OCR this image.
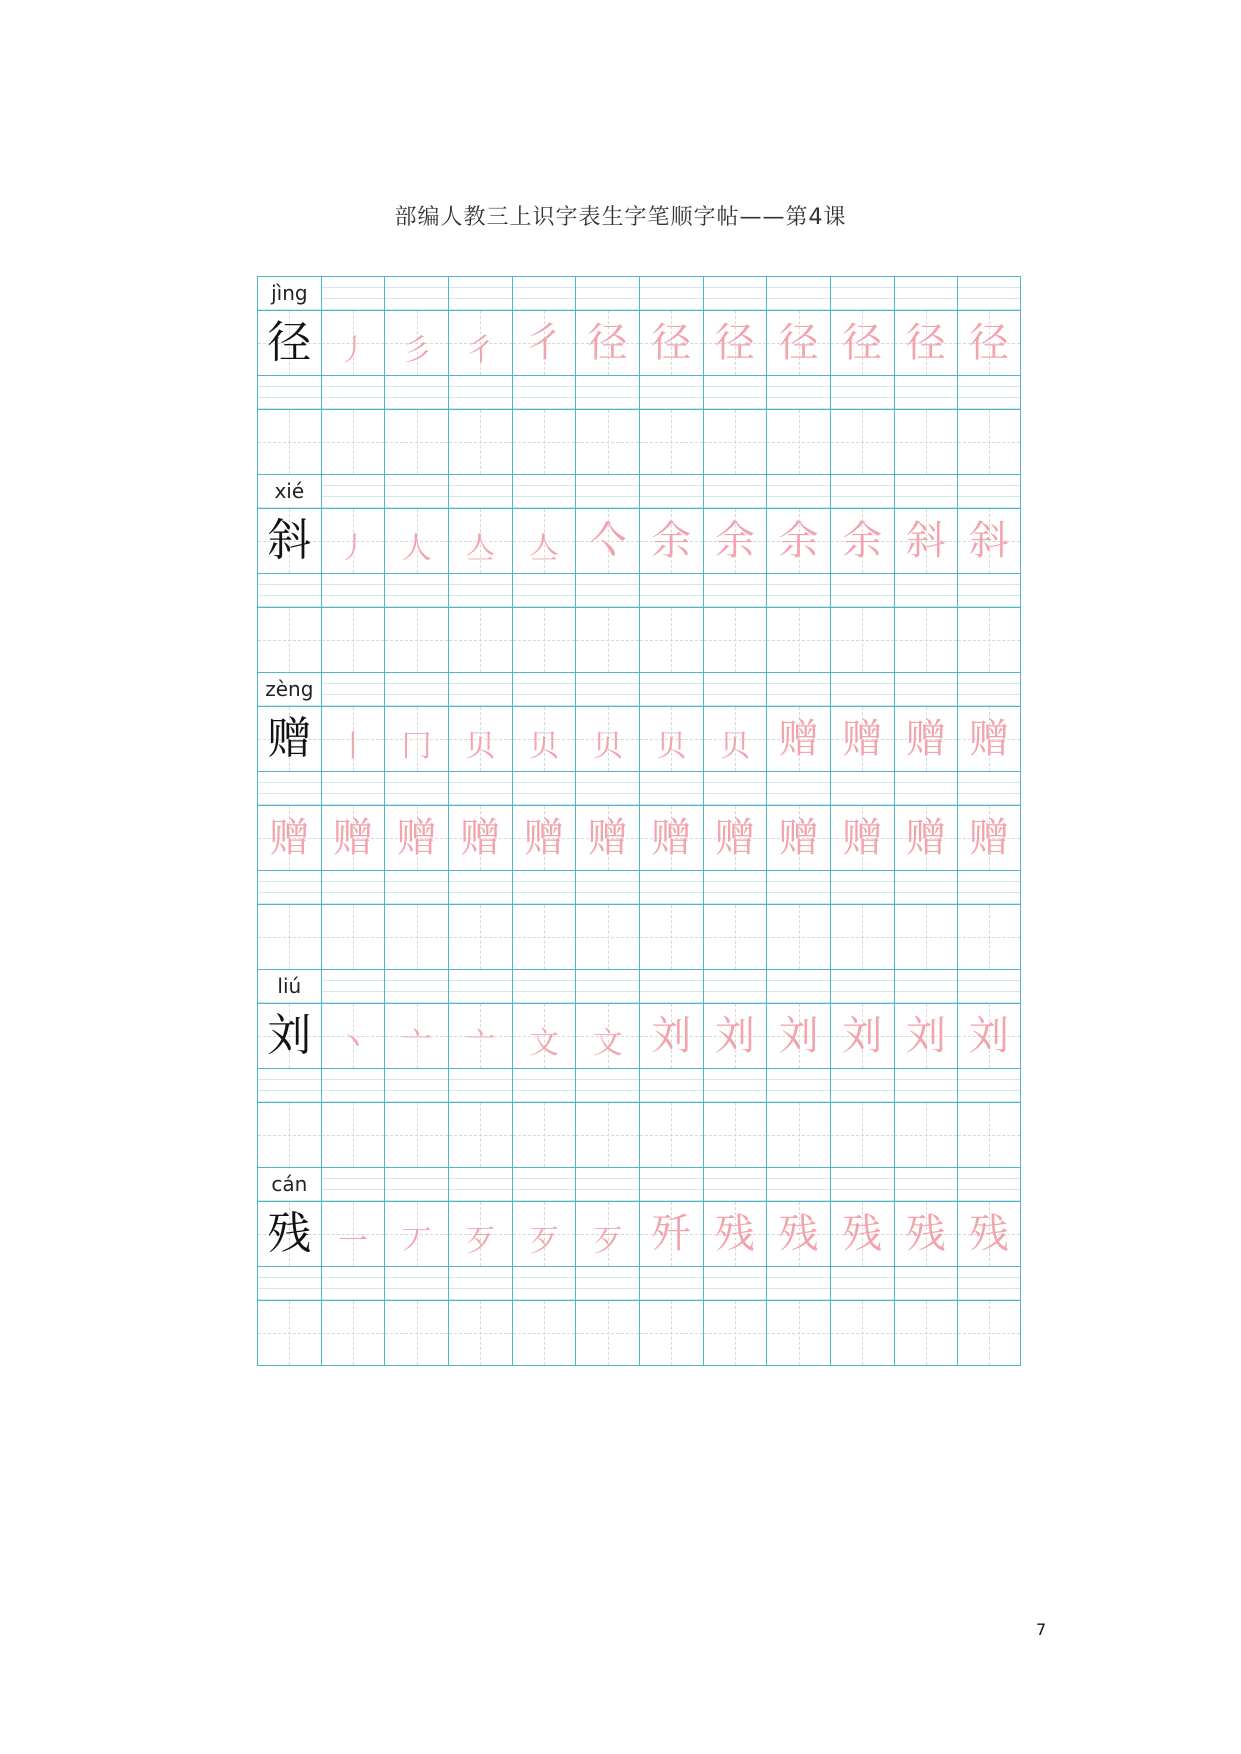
部编人教三上识字表生字笔顺字帖——第4课
jìng
径 丿	彡	彳 彳 径 径 径 径 径 径 径
xié
斜 丿	人	亼	亼 亽 余 余 余 余 斜 斜
zèng
赠 丨	冂	贝	贝	贝	贝	贝 赠 赠 赠 赠
赠 赠 赠 赠 赠 赠 赠 赠 赠 赠 赠 赠
liú
刘 丶	亠	亠	文	文 刘 刘 刘 刘 刘 刘
cán
残 一	丆	歹	歹	歹 歼 残 残 残 残 残
7
